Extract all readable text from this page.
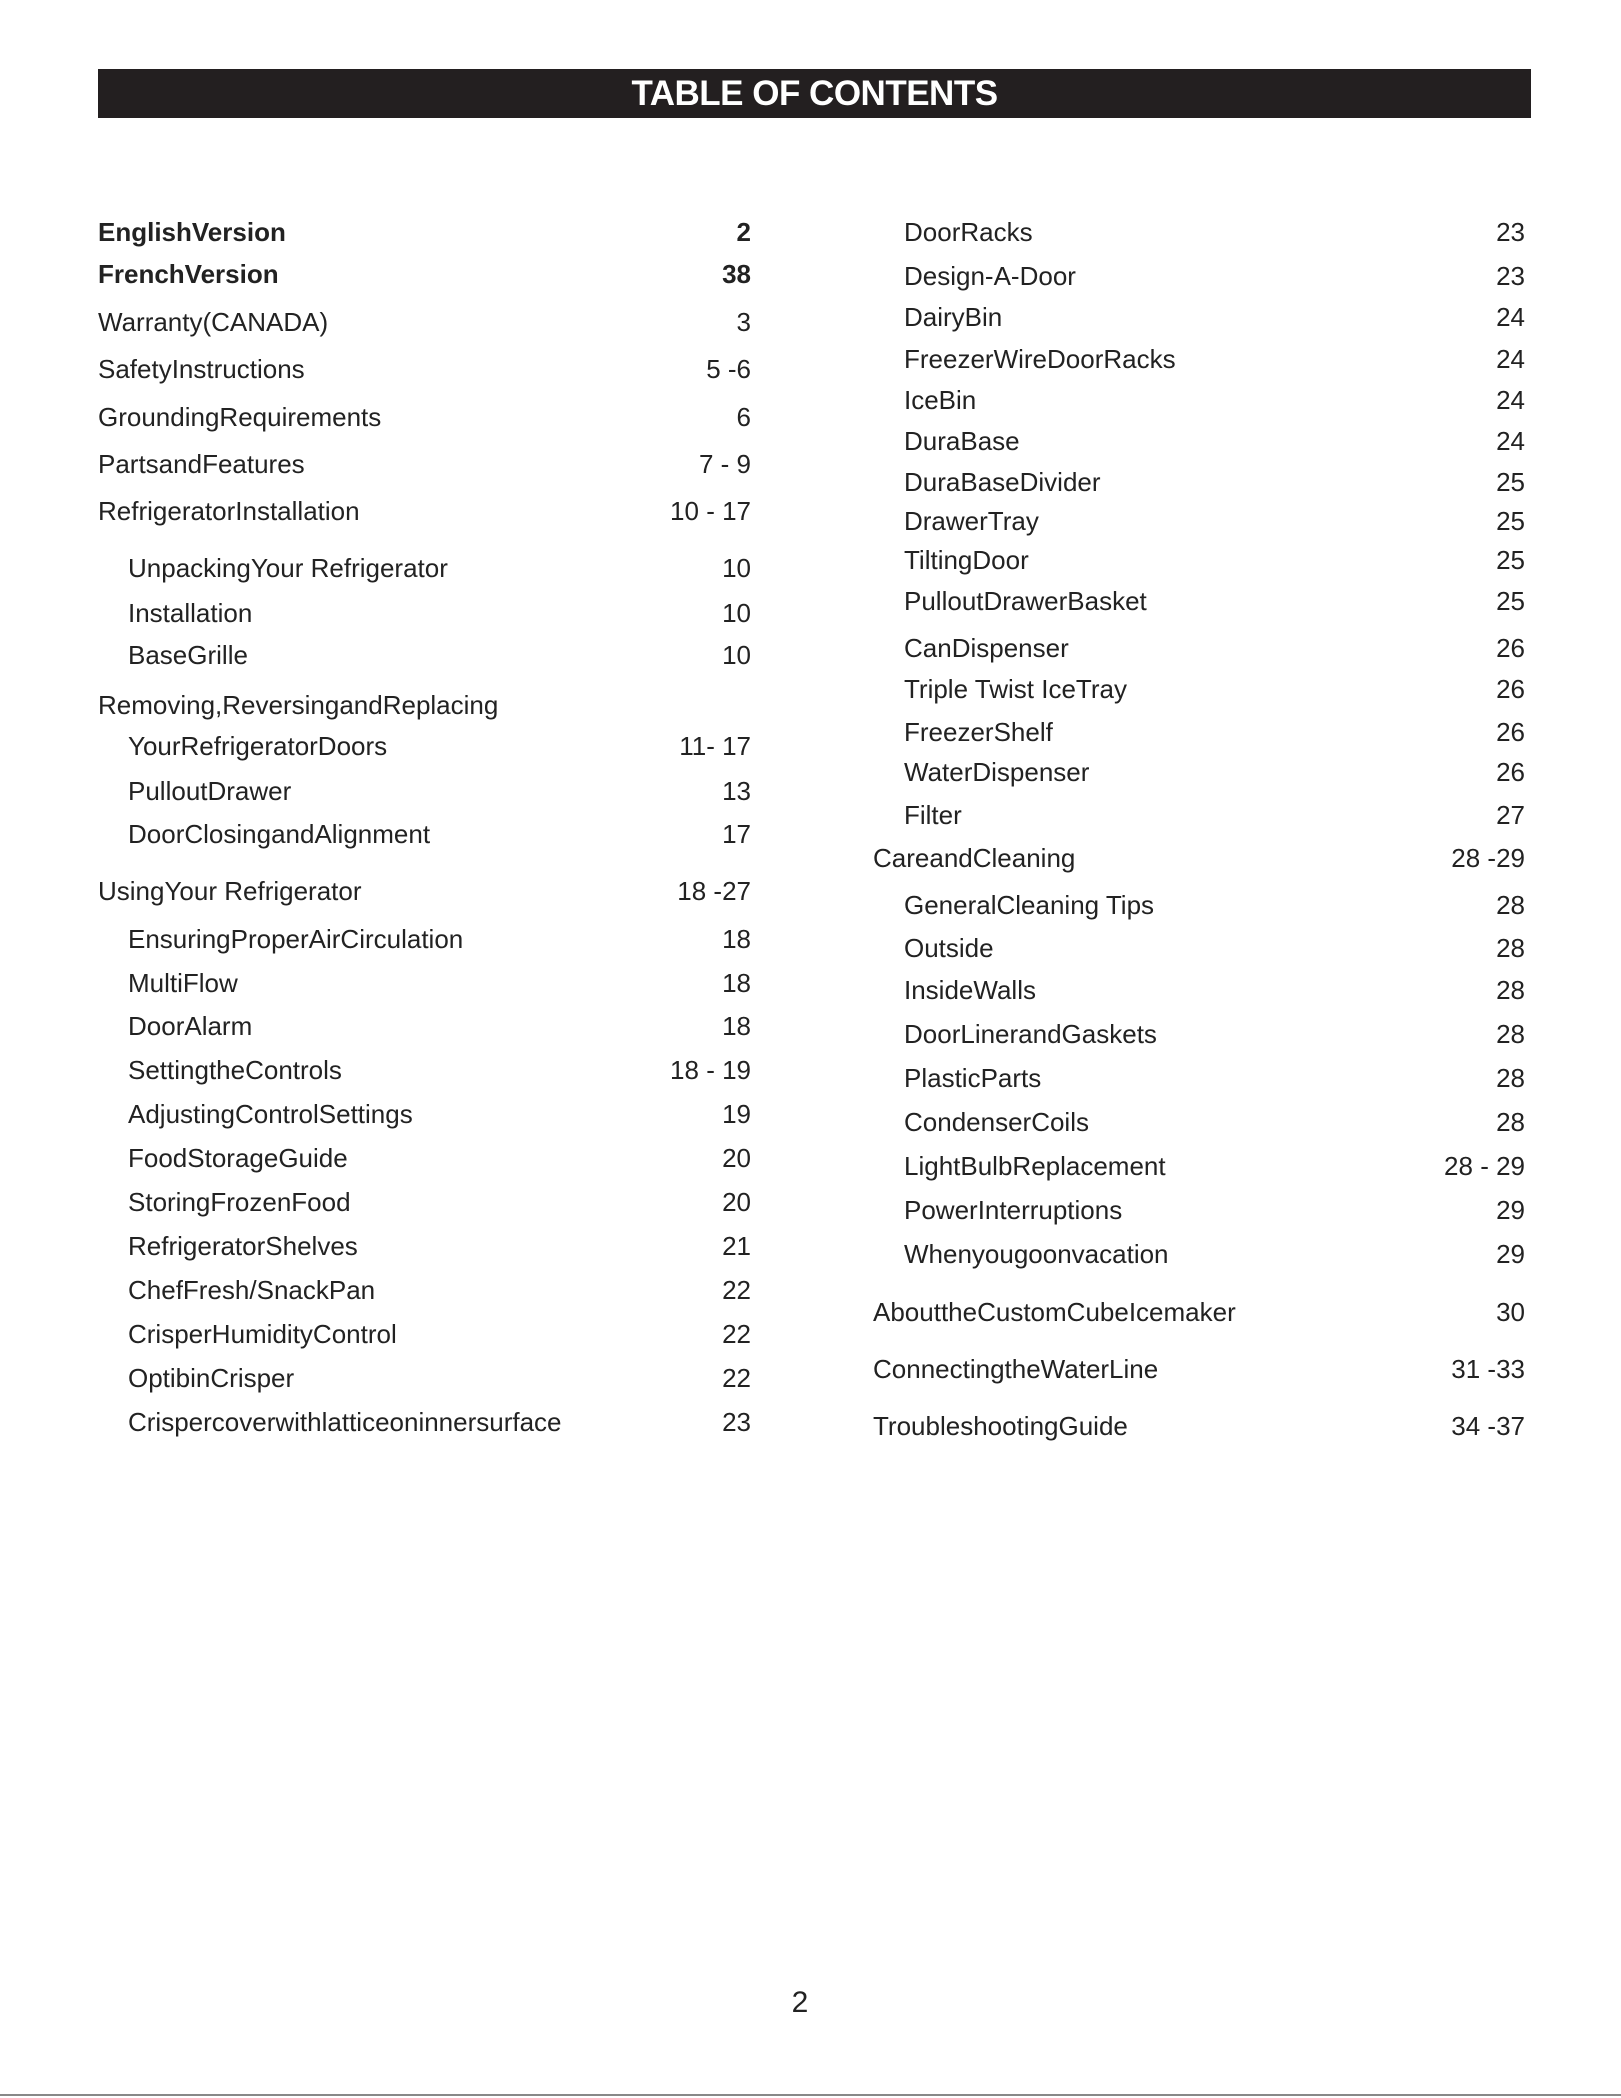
TABLE OF CONTENTS
EnglishVersion	2
FrenchVersion	38
Warranty(CANADA)	3
SafetyInstructions	5 -6
GroundingRequirements	6
PartsandFeatures	7 - 9
RefrigeratorInstallation	10 - 17
UnpackingYour Refrigerator	10
Installation	10
BaseGrille	10
Removing,ReversingandReplacing
YourRefrigeratorDoors	11- 17
PulloutDrawer	13
DoorClosingandAlignment	17
UsingYour Refrigerator	18 -27
EnsuringProperAirCirculation	18
MultiFlow	18
DoorAlarm	18
SettingtheControls	18 - 19
AdjustingControlSettings	19
FoodStorageGuide	20
StoringFrozenFood	20
RefrigeratorShelves	21
ChefFresh/SnackPan	22
CrisperHumidityControl	22
OptibinCrisper	22
Crispercoverwithlatticeoninnersurface	23
DoorRacks	23
Design-A-Door	23
DairyBin	24
FreezerWireDoorRacks	24
IceBin	24
DuraBase	24
DuraBaseDivider	25
DrawerTray	25
TiltingDoor	25
PulloutDrawerBasket	25
CanDispenser	26
Triple Twist IceTray	26
FreezerShelf	26
WaterDispenser	26
Filter	27
CareandCleaning	28 -29
GeneralCleaning Tips	28
Outside	28
InsideWalls	28
DoorLinerandGaskets	28
PlasticParts	28
CondenserCoils	28
LightBulbReplacement	28 - 29
PowerInterruptions	29
Whenyougoonvacation	29
AbouttheCustomCubeIcemaker	30
ConnectingtheWaterLine	31 -33
TroubleshootingGuide	34 -37
2
